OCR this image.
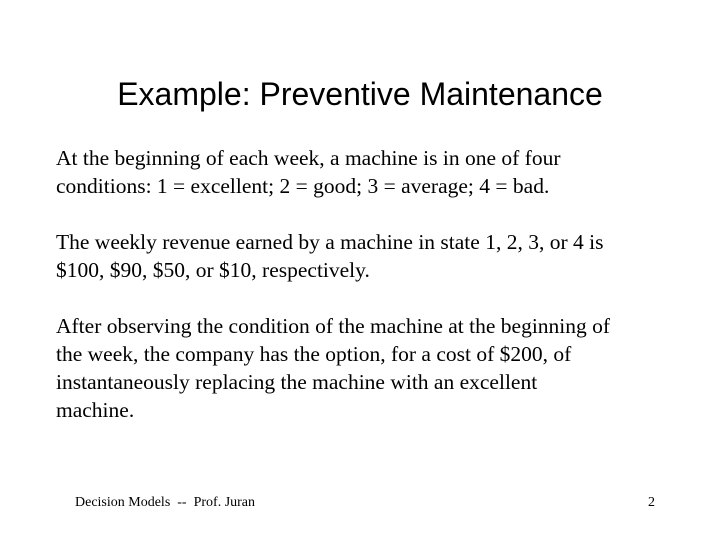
Example: Preventive Maintenance

At the beginning of each week, a machine is in one of four
conditions: 1 = excellent; 2 = good; 3 = average; 4 = bad.

The weekly revenue earned by a machine in state 1, 2, 3, or 4 is
$100, $90, $50, or $10, respectively.

After observing the condition of the machine at the beginning of
the week, the company has the option, for a cost of $200, of
instantaneously replacing the machine with an excellent
machine.

Decision Models  --  Prof. Juran	2
